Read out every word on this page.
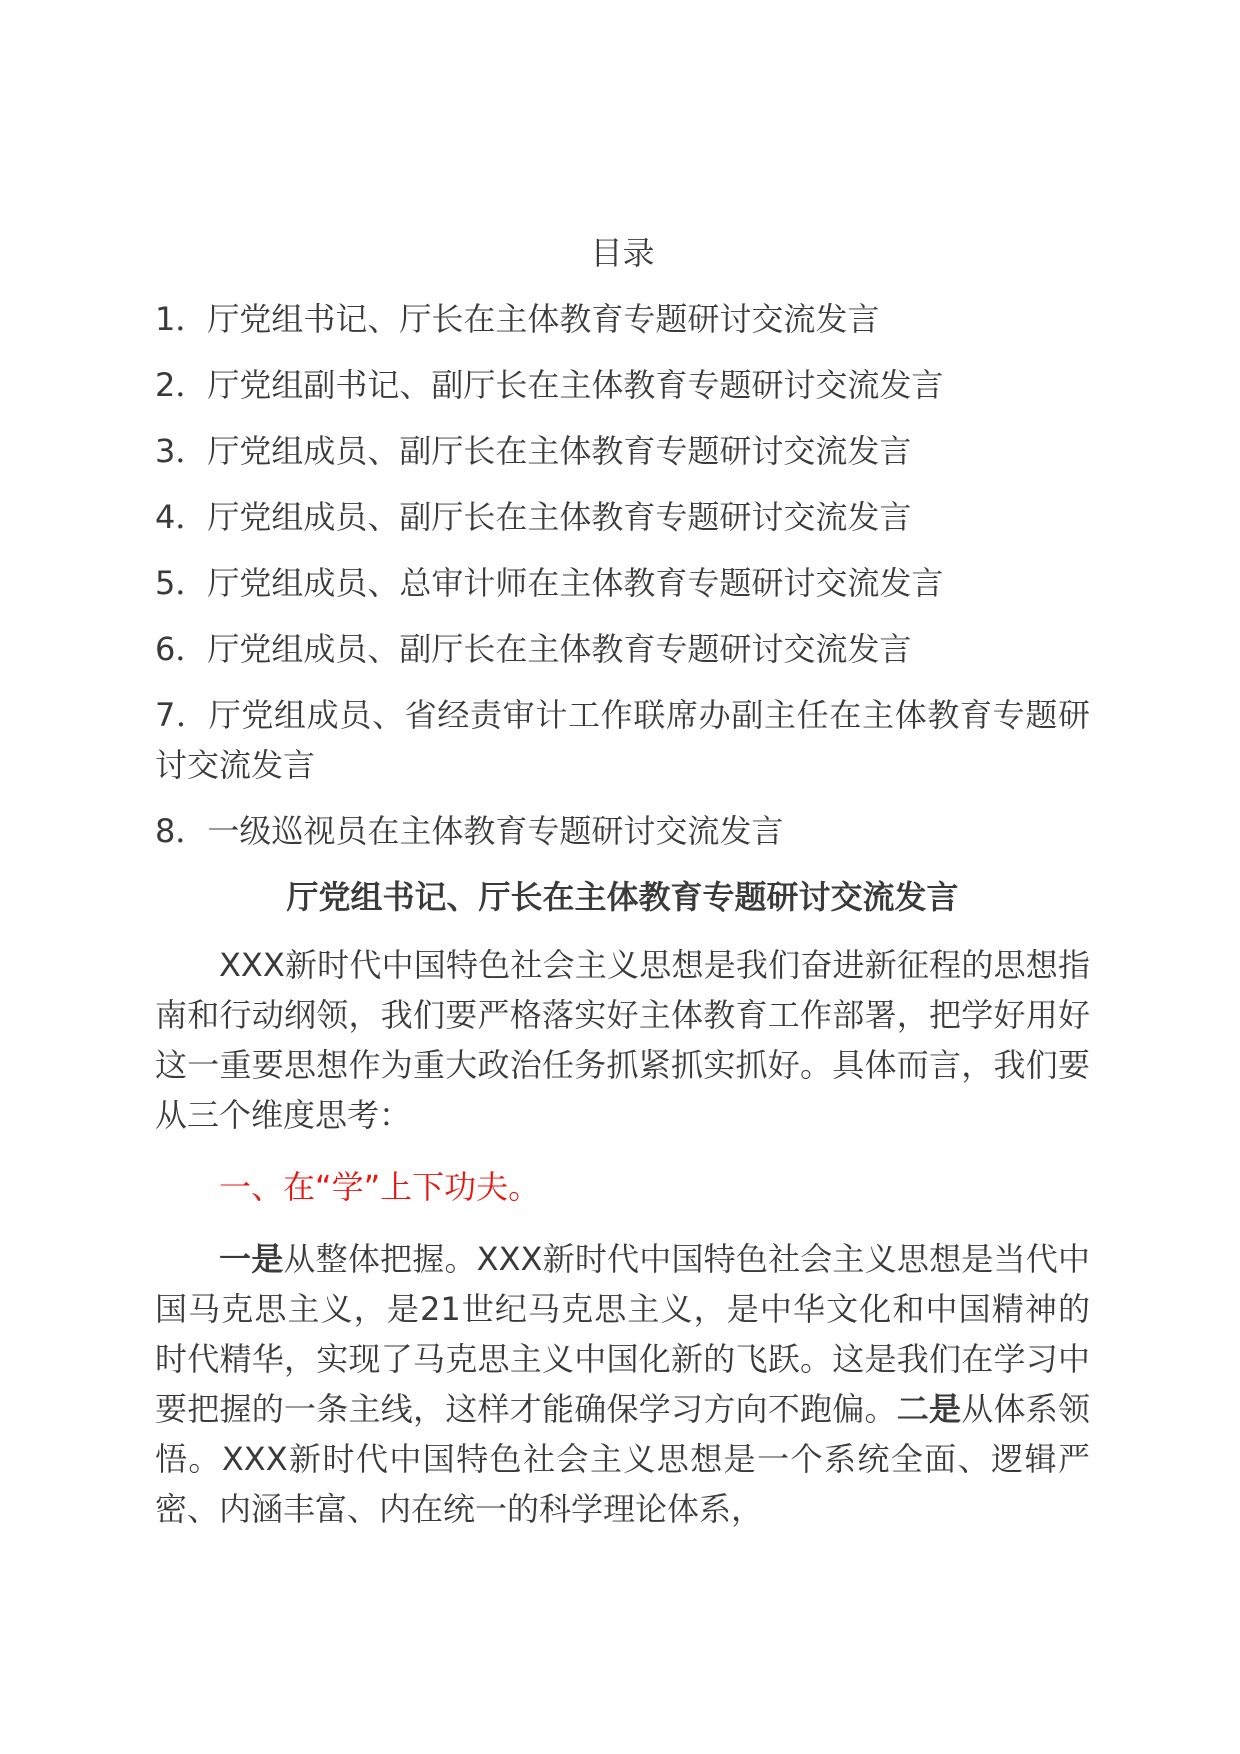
目录
1．厅党组书记、厅长在主体教育专题研讨交流发言
2．厅党组副书记、副厅长在主体教育专题研讨交流发言
3．厅党组成员、副厅长在主体教育专题研讨交流发言
4．厅党组成员、副厅长在主体教育专题研讨交流发言
5．厅党组成员、总审计师在主体教育专题研讨交流发言
6．厅党组成员、副厅长在主体教育专题研讨交流发言
7．厅党组成员、省经责审计工作联席办副主任在主体教育专题研讨交流发言
8．一级巡视员在主体教育专题研讨交流发言
厅党组书记、厅长在主体教育专题研讨交流发言

XXX新时代中国特色社会主义思想是我们奋进新征程的思想指南和行动纲领，我们要严格落实好主体教育工作部署，把学好用好这一重要思想作为重大政治任务抓紧抓实抓好。具体而言，我们要从三个维度思考：

一、在“学”上下功夫。

一是从整体把握。XXX新时代中国特色社会主义思想是当代中国马克思主义，是21世纪马克思主义，是中华文化和中国精神的时代精华，实现了马克思主义中国化新的飞跃。这是我们在学习中要把握的一条主线，这样才能确保学习方向不跑偏。二是从体系领悟。XXX新时代中国特色社会主义思想是一个系统全面、逻辑严密、内涵丰富、内在统一的科学理论体系，
